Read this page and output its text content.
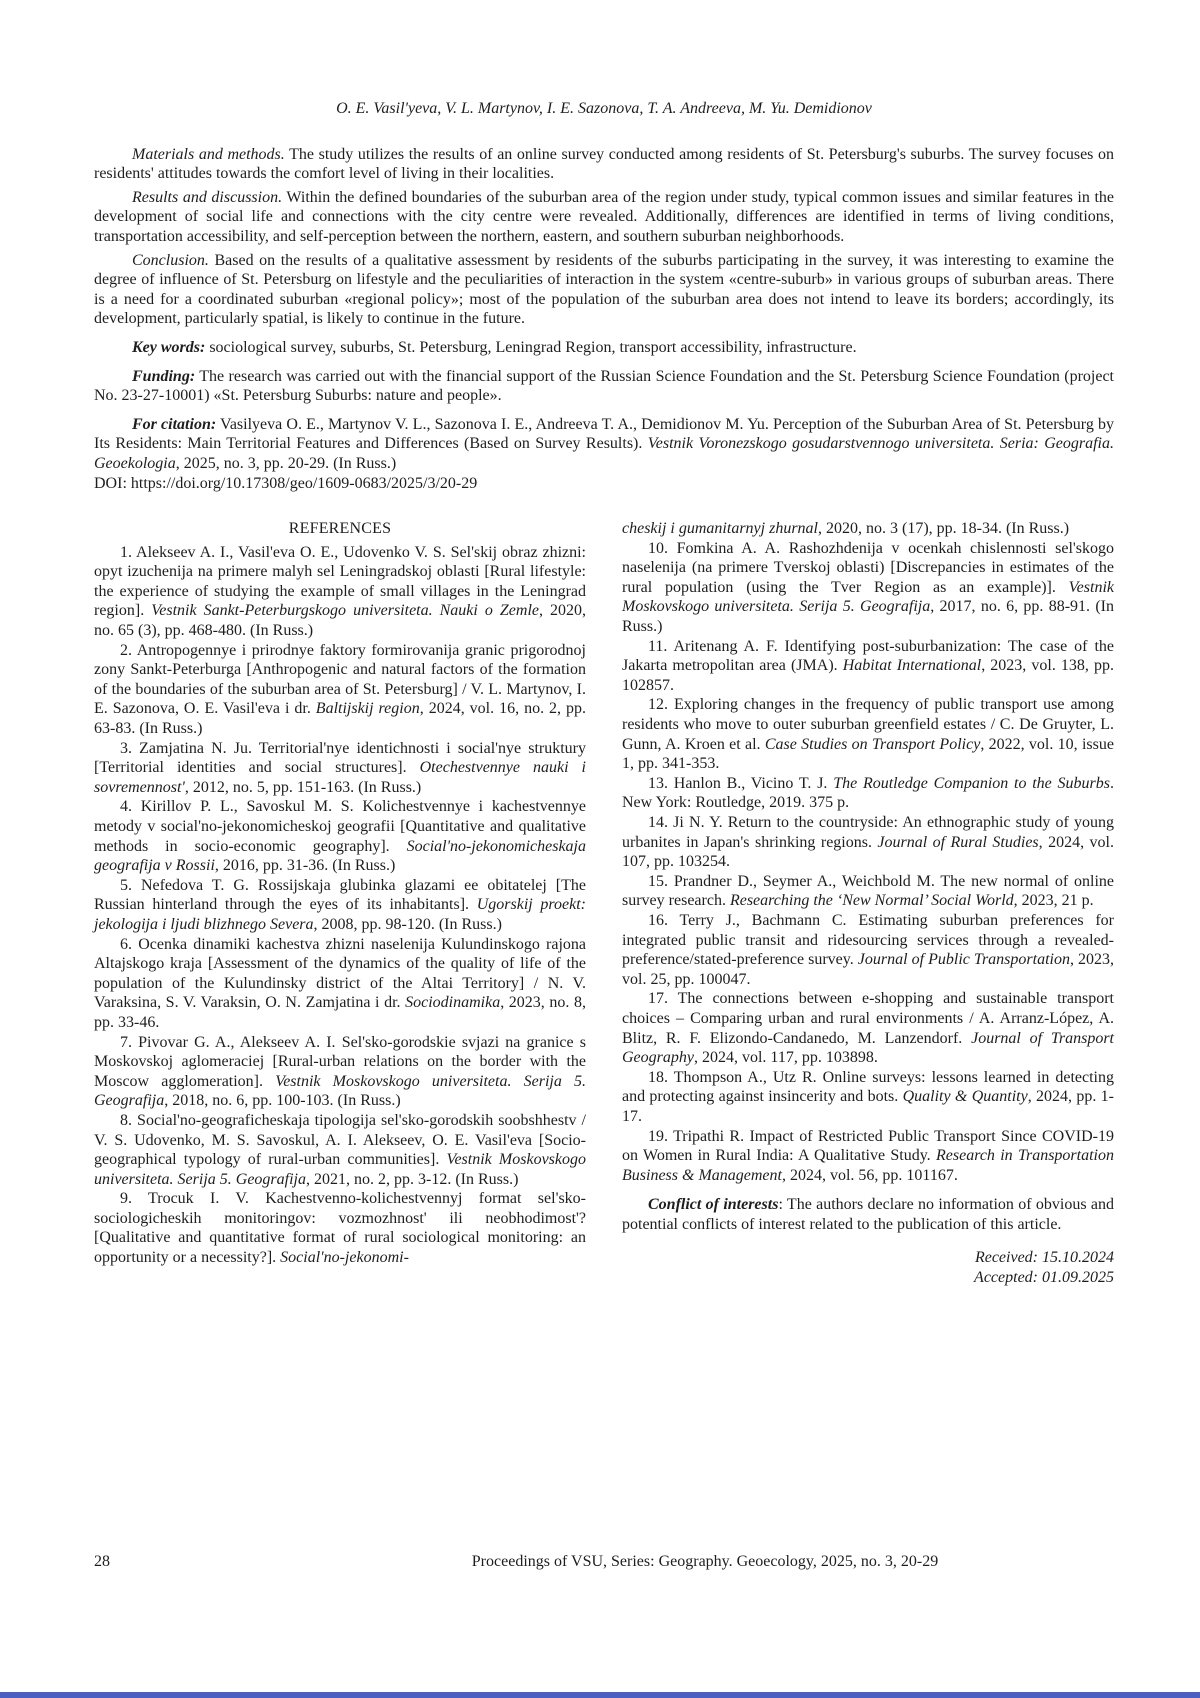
O. E. Vasil'yeva, V. L. Martynov, I. E. Sazonova, T. A. Andreeva, M. Yu. Demidionov

Materials and methods. The study utilizes the results of an online survey conducted among residents of St. Petersburg's suburbs. The survey focuses on residents' attitudes towards the comfort level of living in their localities.

Results and discussion. Within the defined boundaries of the suburban area of the region under study, typical common issues and similar features in the development of social life and connections with the city centre were revealed. Additionally, differences are identified in terms of living conditions, transportation accessibility, and self-perception between the northern, eastern, and southern suburban neighborhoods.

Conclusion. Based on the results of a qualitative assessment by residents of the suburbs participating in the survey, it was interesting to examine the degree of influence of St. Petersburg on lifestyle and the peculiarities of interaction in the system «centre-suburb» in various groups of suburban areas. There is a need for a coordinated suburban «regional policy»; most of the population of the suburban area does not intend to leave its borders; accordingly, its development, particularly spatial, is likely to continue in the future.

Key words: sociological survey, suburbs, St. Petersburg, Leningrad Region, transport accessibility, infrastructure.

Funding: The research was carried out with the financial support of the Russian Science Foundation and the St. Petersburg Science Foundation (project No. 23-27-10001) «St. Petersburg Suburbs: nature and people».

For citation: Vasilyeva O. E., Martynov V. L., Sazonova I. E., Andreeva T. A., Demidionov M. Yu. Perception of the Suburban Area of St. Petersburg by Its Residents: Main Territorial Features and Differences (Based on Survey Results). Vestnik Voronezskogo gosudarstvennogo universiteta. Seria: Geografia. Geoekologia, 2025, no. 3, pp. 20-29. (In Russ.)

DOI: https://doi.org/10.17308/geo/1609-0683/2025/3/20-29

REFERENCES

1. Alekseev A. I., Vasil'eva O. E., Udovenko V. S. Sel'skij obraz zhizni: opyt izuchenija na primere malyh sel Leningradskoj oblasti [Rural lifestyle: the experience of studying the example of small villages in the Leningrad region]. Vestnik Sankt-Peterburgskogo universiteta. Nauki o Zemle, 2020, no. 65 (3), pp. 468-480. (In Russ.)

2. Antropogennye i prirodnye faktory formirovanija granic prigorodnoj zony Sankt-Peterburga [Anthropogenic and natural factors of the formation of the boundaries of the suburban area of St. Petersburg] / V. L. Martynov, I. E. Sazonova, O. E. Vasil'eva i dr. Baltijskij region, 2024, vol. 16, no. 2, pp. 63-83. (In Russ.)

3. Zamjatina N. Ju. Territorial'nye identichnosti i social'nye struktury [Territorial identities and social structures]. Otechestvennye nauki i sovremennost', 2012, no. 5, pp. 151-163. (In Russ.)

4. Kirillov P. L., Savoskul M. S. Kolichestvennye i kachestvennye metody v social'no-jekonomicheskoj geografii [Quantitative and qualitative methods in socio-economic geography]. Social'no-jekonomicheskaja geografija v Rossii, 2016, pp. 31-36. (In Russ.)

5. Nefedova T. G. Rossijskaja glubinka glazami ee obitatelej [The Russian hinterland through the eyes of its inhabitants]. Ugorskij proekt: jekologija i ljudi blizhnego Severa, 2008, pp. 98-120. (In Russ.)

6. Ocenka dinamiki kachestva zhizni naselenija Kulundinskogo rajona Altajskogo kraja [Assessment of the dynamics of the quality of life of the population of the Kulundinsky district of the Altai Territory] / N. V. Varaksina, S. V. Varaksin, O. N. Zamjatina i dr. Sociodinamika, 2023, no. 8, pp. 33-46.

7. Pivovar G. A., Alekseev A. I. Sel'sko-gorodskie svjazi na granice s Moskovskoj aglomeraciej [Rural-urban relations on the border with the Moscow agglomeration]. Vestnik Moskovskogo universiteta. Serija 5. Geografija, 2018, no. 6, pp. 100-103. (In Russ.)

8. Social'no-geograficheskaja tipologija sel'sko-gorodskih soobshhestv / V. S. Udovenko, M. S. Savoskul, A. I. Alekseev, O. E. Vasil'eva [Socio-geographical typology of rural-urban communities]. Vestnik Moskovskogo universiteta. Serija 5. Geografija, 2021, no. 2, pp. 3-12. (In Russ.)

9. Trocuk I. V. Kachestvenno-kolichestvennyj format sel'sko-sociologicheskih monitoringov: vozmozhnost' ili neobhodimost'? [Qualitative and quantitative format of rural sociological monitoring: an opportunity or a necessity?]. Social'no-jekonomi-

cheskij i gumanitarnyj zhurnal, 2020, no. 3 (17), pp. 18-34. (In Russ.)

10. Fomkina A. A. Rashozhdenija v ocenkah chislennosti sel'skogo naselenija (na primere Tverskoj oblasti) [Discrepancies in estimates of the rural population (using the Tver Region as an example)]. Vestnik Moskovskogo universiteta. Serija 5. Geografija, 2017, no. 6, pp. 88-91. (In Russ.)

11. Aritenang A. F. Identifying post-suburbanization: The case of the Jakarta metropolitan area (JMA). Habitat International, 2023, vol. 138, pp. 102857.

12. Exploring changes in the frequency of public transport use among residents who move to outer suburban greenfield estates / C. De Gruyter, L. Gunn, A. Kroen et al. Case Studies on Transport Policy, 2022, vol. 10, issue 1, pp. 341-353.

13. Hanlon B., Vicino T. J. The Routledge Companion to the Suburbs. New York: Routledge, 2019. 375 p.

14. Ji N. Y. Return to the countryside: An ethnographic study of young urbanites in Japan's shrinking regions. Journal of Rural Studies, 2024, vol. 107, pp. 103254.

15. Prandner D., Seymer A., Weichbold M. The new normal of online survey research. Researching the ‘New Normal’ Social World, 2023, 21 p.

16. Terry J., Bachmann C. Estimating suburban preferences for integrated public transit and ridesourcing services through a revealed-preference/stated-preference survey. Journal of Public Transportation, 2023, vol. 25, pp. 100047.

17. The connections between e-shopping and sustainable transport choices – Comparing urban and rural environments / A. Arranz-López, A. Blitz, R. F. Elizondo-Candanedo, M. Lanzendorf. Journal of Transport Geography, 2024, vol. 117, pp. 103898.

18. Thompson A., Utz R. Online surveys: lessons learned in detecting and protecting against insincerity and bots. Quality & Quantity, 2024, pp. 1-17.

19. Tripathi R. Impact of Restricted Public Transport Since COVID-19 on Women in Rural India: A Qualitative Study. Research in Transportation Business & Management, 2024, vol. 56, pp. 101167.

Conflict of interests: The authors declare no information of obvious and potential conflicts of interest related to the publication of this article.

Received: 15.10.2024

Accepted: 01.09.2025

28	Proceedings of VSU, Series: Geography. Geoecology, 2025, no. 3, 20-29
